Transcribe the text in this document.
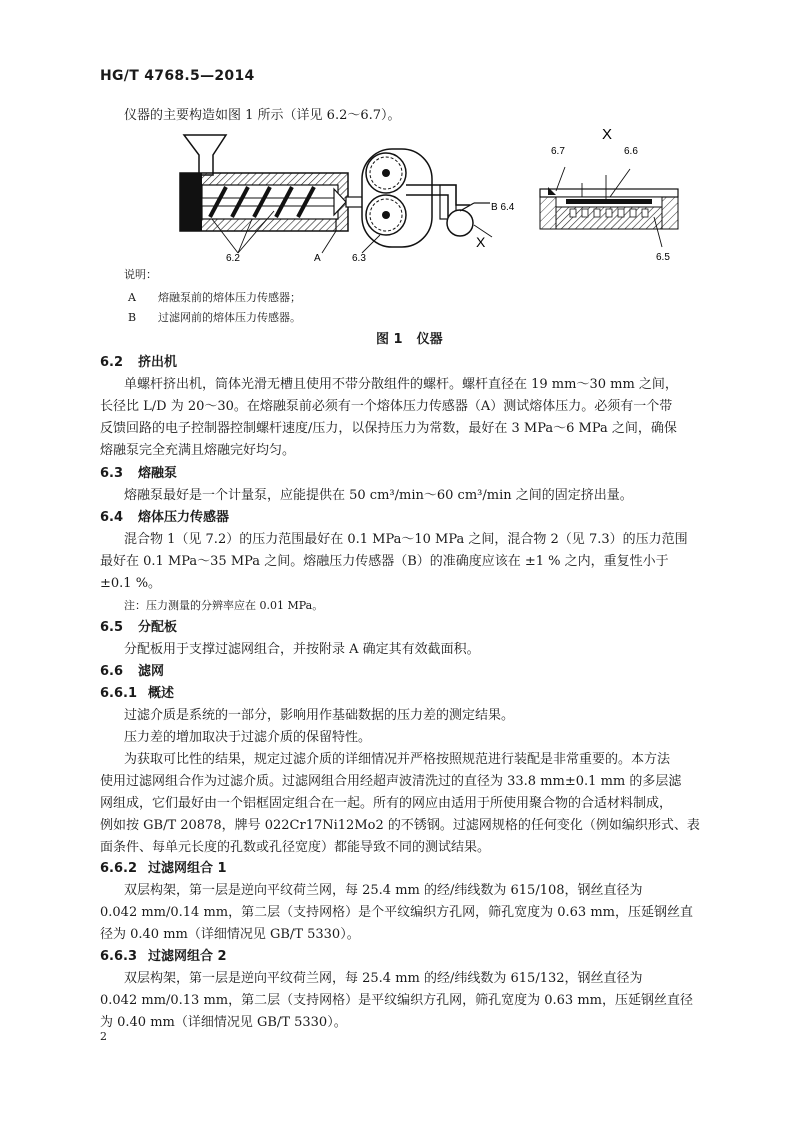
HG/T 4768.5—2014
仪器的主要构造如图 1 所示（详见 6.2～6.7）。
6.2	A	6.3
B 6.4
X
X
6.7	6.6
6.5
说明：
A 熔融泵前的熔体压力传感器；
B 过滤网前的熔体压力传感器。
图 1 仪器
6.2 挤出机
单螺杆挤出机，筒体光滑无槽且使用不带分散组件的螺杆。螺杆直径在 19 mm～30 mm 之间，
长径比 L/D 为 20～30。在熔融泵前必须有一个熔体压力传感器（A）测试熔体压力。必须有一个带
反馈回路的电子控制器控制螺杆速度/压力，以保持压力为常数，最好在 3 MPa～6 MPa 之间，确保
熔融泵完全充满且熔融完好均匀。
6.3 熔融泵
熔融泵最好是一个计量泵，应能提供在 50 cm³/min～60 cm³/min 之间的固定挤出量。
6.4 熔体压力传感器
混合物 1（见 7.2）的压力范围最好在 0.1 MPa～10 MPa 之间，混合物 2（见 7.3）的压力范围
最好在 0.1 MPa～35 MPa 之间。熔融压力传感器（B）的准确度应该在 ±1 % 之内，重复性小于
±0.1 %。
注：压力测量的分辨率应在 0.01 MPa。
6.5 分配板
分配板用于支撑过滤网组合，并按附录 A 确定其有效截面积。
6.6 滤网
6.6.1 概述
过滤介质是系统的一部分，影响用作基础数据的压力差的测定结果。
压力差的增加取决于过滤介质的保留特性。
为获取可比性的结果，规定过滤介质的详细情况并严格按照规范进行装配是非常重要的。本方法
使用过滤网组合作为过滤介质。过滤网组合用经超声波清洗过的直径为 33.8 mm±0.1 mm 的多层滤
网组成，它们最好由一个铝框固定组合在一起。所有的网应由适用于所使用聚合物的合适材料制成，
例如按 GB/T 20878，牌号 022Cr17Ni12Mo2 的不锈钢。过滤网规格的任何变化（例如编织形式、表
面条件、每单元长度的孔数或孔径宽度）都能导致不同的测试结果。
6.6.2 过滤网组合 1
双层构架，第一层是逆向平纹荷兰网，每 25.4 mm 的经/纬线数为 615/108，钢丝直径为
0.042 mm/0.14 mm，第二层（支持网格）是个平纹编织方孔网，筛孔宽度为 0.63 mm，压延钢丝直
径为 0.40 mm（详细情况见 GB/T 5330）。
6.6.3 过滤网组合 2
双层构架，第一层是逆向平纹荷兰网，每 25.4 mm 的经/纬线数为 615/132，钢丝直径为
0.042 mm/0.13 mm，第二层（支持网格）是平纹编织方孔网，筛孔宽度为 0.63 mm，压延钢丝直径
为 0.40 mm（详细情况见 GB/T 5330）。
2
